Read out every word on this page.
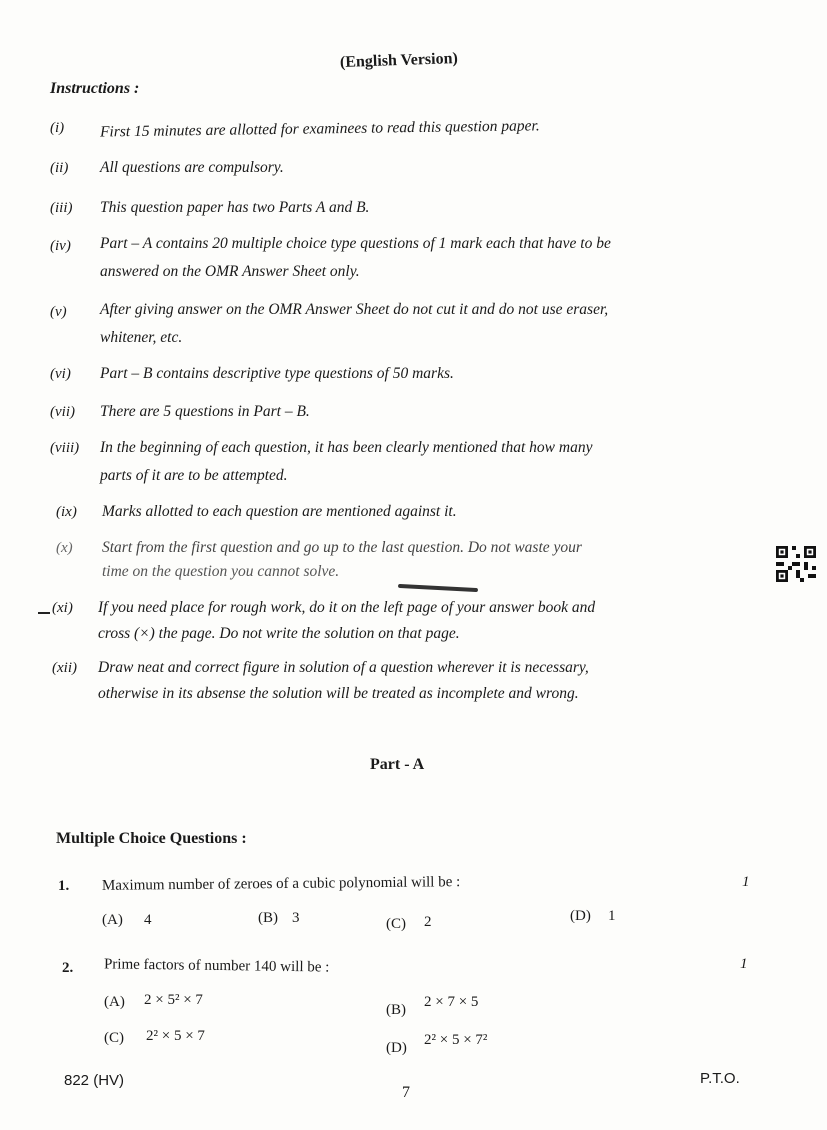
(English Version)
Instructions :
(i)	First 15 minutes are allotted for examinees to read this question paper.
(ii)	All questions are compulsory.
(iii)	This question paper has two Parts A and B.
(iv)	Part – A contains 20 multiple choice type questions of 1 mark each that have to be
answered on the OMR Answer Sheet only.
(v)	After giving answer on the OMR Answer Sheet do not cut it and do not use eraser,
whitener, etc.
(vi)	Part – B contains descriptive type questions of 50 marks.
(vii)	There are 5 questions in Part – B.
(viii)	In the beginning of each question, it has been clearly mentioned that how many
parts of it are to be attempted.
(ix)	Marks allotted to each question are mentioned against it.
(x)	Start from the first question and go up to the last question. Do not waste your
time on the question you cannot solve.
(xi)	If you need place for rough work, do it on the left page of your answer book and
cross (×) the page. Do not write the solution on that page.
(xii)	Draw neat and correct figure in solution of a question wherever it is necessary,
otherwise in its absense the solution will be treated as incomplete and wrong.
Part - A
Multiple Choice Questions :
1. Maximum number of zeroes of a cubic polynomial will be :	1
(A) 4	(B) 3	(C) 2	(D) 1
2. Prime factors of number 140 will be :	1
(A) 2 × 5² × 7
(B) 2 × 7 × 5
(C) 2² × 5 × 7
(D) 2² × 5 × 7²
822 (HV)
7
P.T.O.
